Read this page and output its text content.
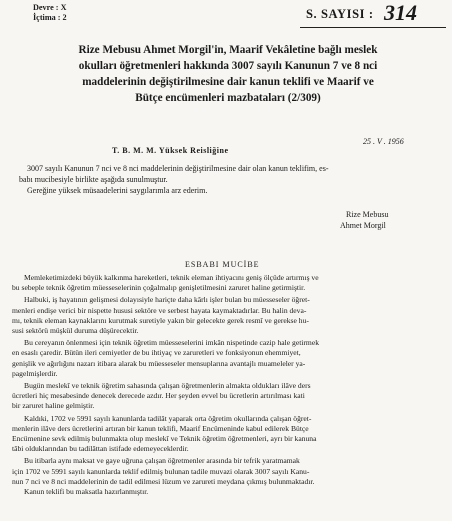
Devre : X
İçtima : 2	S. SAYISI : 314
Rize Mebusu Ahmet Morgil'in, Maarif Vekâletine bağlı meslek
okulları öğretmenleri hakkında 3007 sayılı Kanunun 7 ve 8 nci
maddelerinin değiştirilmesine dair kanun teklifi ve Maarif ve
Bütçe encümenleri mazbataları (2/309)
25 . V . 1956
T. B. M. M. Yüksek Reisliğine
3007 sayılı Kanunun 7 nci ve 8 nci maddelerinin değiştirilmesine dair olan kanun teklifim, es-
babı mucibesiyle birlikte aşağıda sunulmuştur.
Gereğine yüksek müsaadelerini saygılarımla arz ederim.
Rize Mebusu
Ahmet Morgil
ESBABI MUCİBE
Memleketimizdeki büyük kalkınma hareketleri, teknik eleman ihtiyacını geniş ölçüde artırmış ve
bu sebeple teknik öğretim müesseselerinin çoğalmalıp genişletilmesini zaruret haline getirmiştir.
Halbuki, iş hayatının gelişmesi dolayısiyle hariçte daha kârlı işler bulan bu müesseseler öğret-
menleri endişe verici bir nispette hususi sektöre ve serbest hayata kaymaktadırlar. Bu halin deva-
mı, teknik eleman kaynaklarını kurutmak suretiyle yakın bir gelecekte gerek resmî ve gerekse hu-
susi sektörü müşkül duruma düşürecektir.
Bu cereyanın önlenmesi için teknik öğretim müesseselerini imkân nispetinde cazip hale getirmek
en esaslı çaredir. Bütün ileri cemiyetler de bu ihtiyaç ve zaruretleri ve fonksiyonun ehemmiyet,
genişlik ve ağırlığını nazarı itibara alarak bu müesseseler mensuplarına avantajlı muameleler ya-
pagelmişlerdir.
Bugün meslekî ve teknik öğretim sahasında çalışan öğretmenlerin almakta oldukları ilâve ders
ücretleri hiç mesabesinde denecek derecede azdır. Her şeyden evvel bu ücretlerin artırılması kati
bir zaruret haline gelmiştir.
Kaldıki, 1702 ve 5991 sayılı kanunlarda tadilât yaparak orta öğretim okullarında çalışan öğret-
menlerin ilâve ders ücretlerini artıran bir kanun teklifi, Maarif Encümeninde kabul edilerek Bütçe
Encümenine sevk edilmiş bulunmakta olup meslekî ve Teknik öğretim öğretmenleri, ayrı bir kanuna
tâbi olduklarından bu tadilâttan istifade edemeyeceklerdir.
Bu itibarla aynı maksat ve gaye uğruna çalışan öğretmenler arasında bir tefrik yaratmamak
için 1702 ve 5991 sayılı kanunlarda teklif edilmiş bulunan tadile muvazi olarak 3007 sayılı Kanu-
nun 7 nci ve 8 nci maddelerinin de tadil edilmesi lüzum ve zarureti meydana çıkmış bulunmaktadır.
Kanun teklifi bu maksatla hazırlanmıştır.
